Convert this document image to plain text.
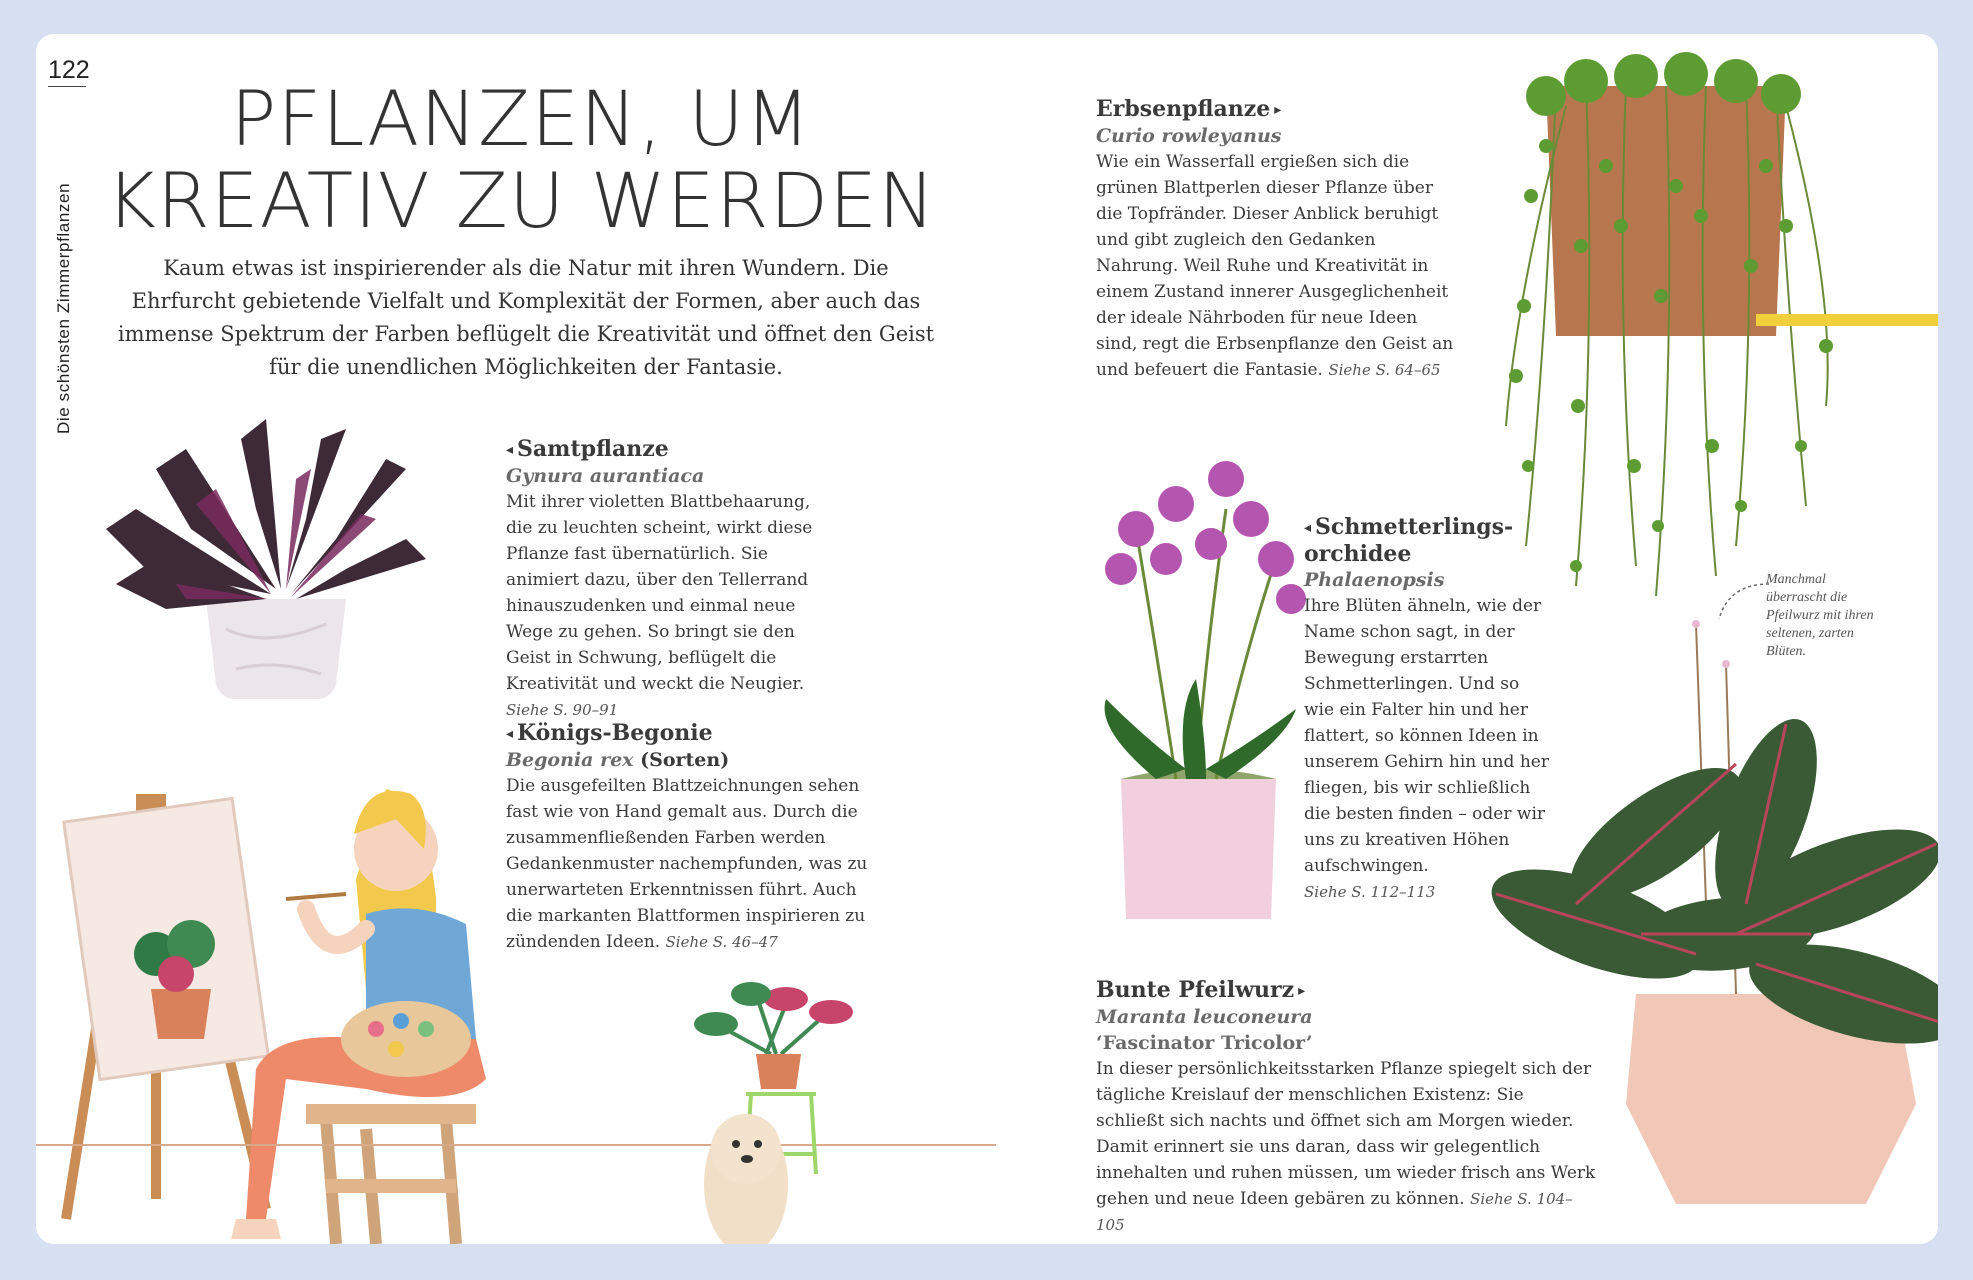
122
Die schönsten Zimmerpflanzen
PFLANZEN, UM
KREATIV ZU WERDEN

Kaum etwas ist inspirierender als die Natur mit ihren Wundern. Die Ehrfurcht gebietende Vielfalt und Komplexität der Formen, aber auch das immense Spektrum der Farben beflügelt die Kreativität und öffnet den Geist für die unendlichen Möglichkeiten der Fantasie.

◂ Samtpflanze
Gynura aurantiaca

Mit ihrer violetten Blattbehaarung, die zu leuchten scheint, wirkt diese Pflanze fast übernatürlich. Sie animiert dazu, über den Tellerrand hinauszudenken und einmal neue Wege zu gehen. So bringt sie den Geist in Schwung, beflügelt die Kreativität und weckt die Neugier. Siehe S. 90–91

◂ Königs-Begonie
Begonia rex (Sorten)

Die ausgefeilten Blattzeichnungen sehen fast wie von Hand gemalt aus. Durch die zusammenfließenden Farben werden Gedankenmuster nachempfunden, was zu unerwarteten Erkenntnissen führt. Auch die markanten Blattformen inspirieren zu zündenden Ideen. Siehe S. 46–47

Erbsenpflanze ▸
Curio rowleyanus

Wie ein Wasserfall ergießen sich die grünen Blattperlen dieser Pflanze über die Topfränder. Dieser Anblick beruhigt und gibt zugleich den Gedanken Nahrung. Weil Ruhe und Kreativität in einem Zustand innerer Ausgeglichenheit der ideale Nährboden für neue Ideen sind, regt die Erbsenpflanze den Geist an und befeuert die Fantasie. Siehe S. 64–65

◂ Schmetterlings-
orchidee
Phalaenopsis

Ihre Blüten ähneln, wie der Name schon sagt, in der Bewegung erstarrten Schmetterlingen. Und so wie ein Falter hin und her flattert, so können Ideen in unserem Gehirn hin und her fliegen, bis wir schließlich die besten finden – oder wir uns zu kreativen Höhen aufschwingen.

Siehe S. 112–113
Manchmal überrascht die Pfeilwurz mit ihren seltenen, zarten Blüten.
Bunte Pfeilwurz ▸
Maranta leuconeura
‘Fascinator Tricolor’

In dieser persönlichkeitsstarken Pflanze spiegelt sich der tägliche Kreislauf der menschlichen Existenz: Sie schließt sich nachts und öffnet sich am Morgen wieder. Damit erinnert sie uns daran, dass wir gelegentlich innehalten und ruhen müssen, um wieder frisch ans Werk gehen und neue Ideen gebären zu können. Siehe S. 104–105
